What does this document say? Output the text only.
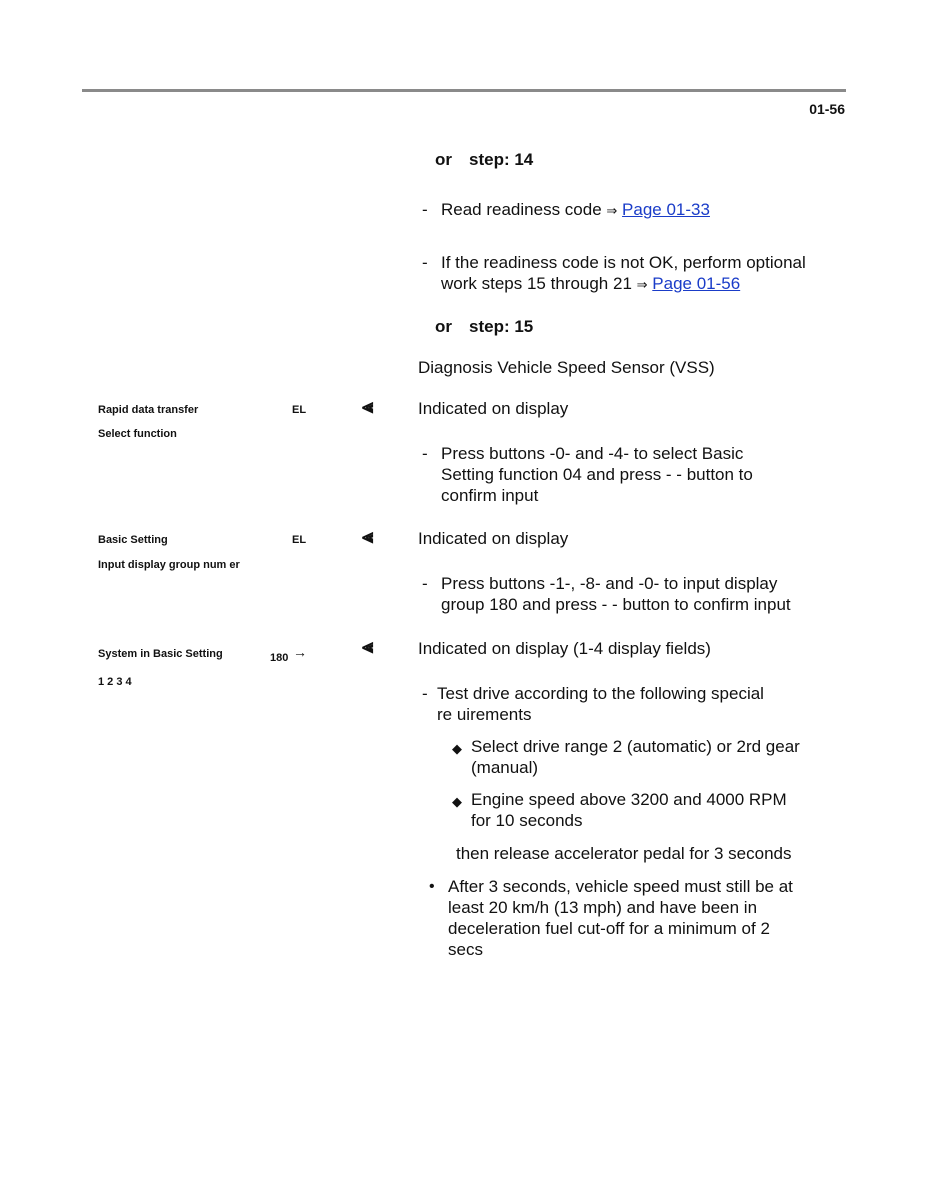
01-56
or step: 14
- Read readiness code ⇒ Page 01-33
- If the readiness code is not OK, perform optional
work steps 15 through 21 ⇒ Page 01-56
or step: 15
Diagnosis Vehicle Speed Sensor (VSS)
Rapid data transfer	EL
Select function
⫷	Indicated on display
- Press buttons -0- and -4- to select Basic
Setting function 04 and press - - button to
confirm input
Basic Setting	EL
Input display group num er
⫷	Indicated on display
- Press buttons -1-, -8- and -0- to input display
group 180 and press - - button to confirm input
System in Basic Setting	180 →
1 2 3 4
⫷	Indicated on display (1-4 display fields)
- Test drive according to the following special
re uirements
◆ Select drive range 2 (automatic) or 2rd gear
(manual)
◆ Engine speed above 3200 and 4000 RPM
for 10 seconds
then release accelerator pedal for 3 seconds
• After 3 seconds, vehicle speed must still be at
least 20 km/h (13 mph) and have been in
deceleration fuel cut-off for a minimum of 2
secs
